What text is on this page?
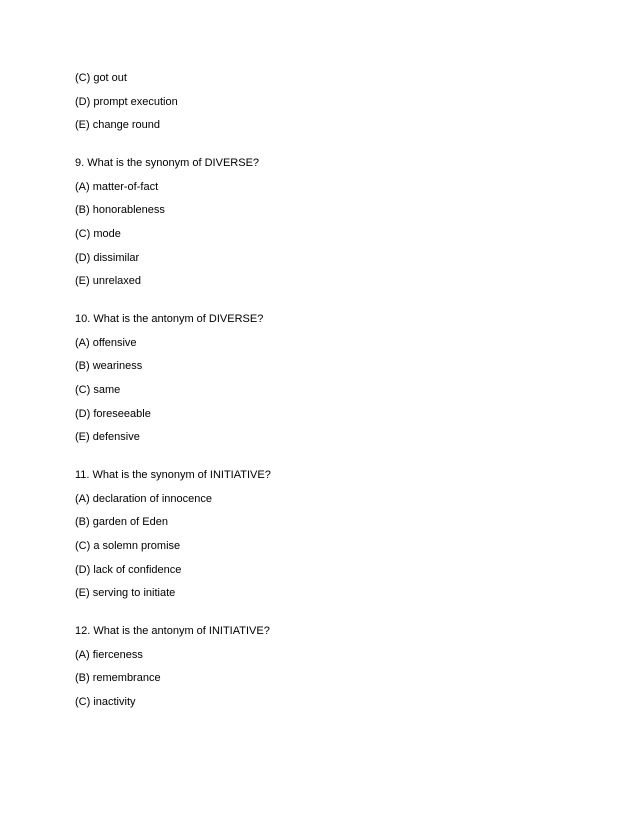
(C) got out
(D) prompt execution
(E) change round
9. What is the synonym of DIVERSE?
(A) matter-of-fact
(B) honorableness
(C) mode
(D) dissimilar
(E) unrelaxed
10. What is the antonym of DIVERSE?
(A) offensive
(B) weariness
(C) same
(D) foreseeable
(E) defensive
11. What is the synonym of INITIATIVE?
(A) declaration of innocence
(B) garden of Eden
(C) a solemn promise
(D) lack of confidence
(E) serving to initiate
12. What is the antonym of INITIATIVE?
(A) fierceness
(B) remembrance
(C) inactivity
